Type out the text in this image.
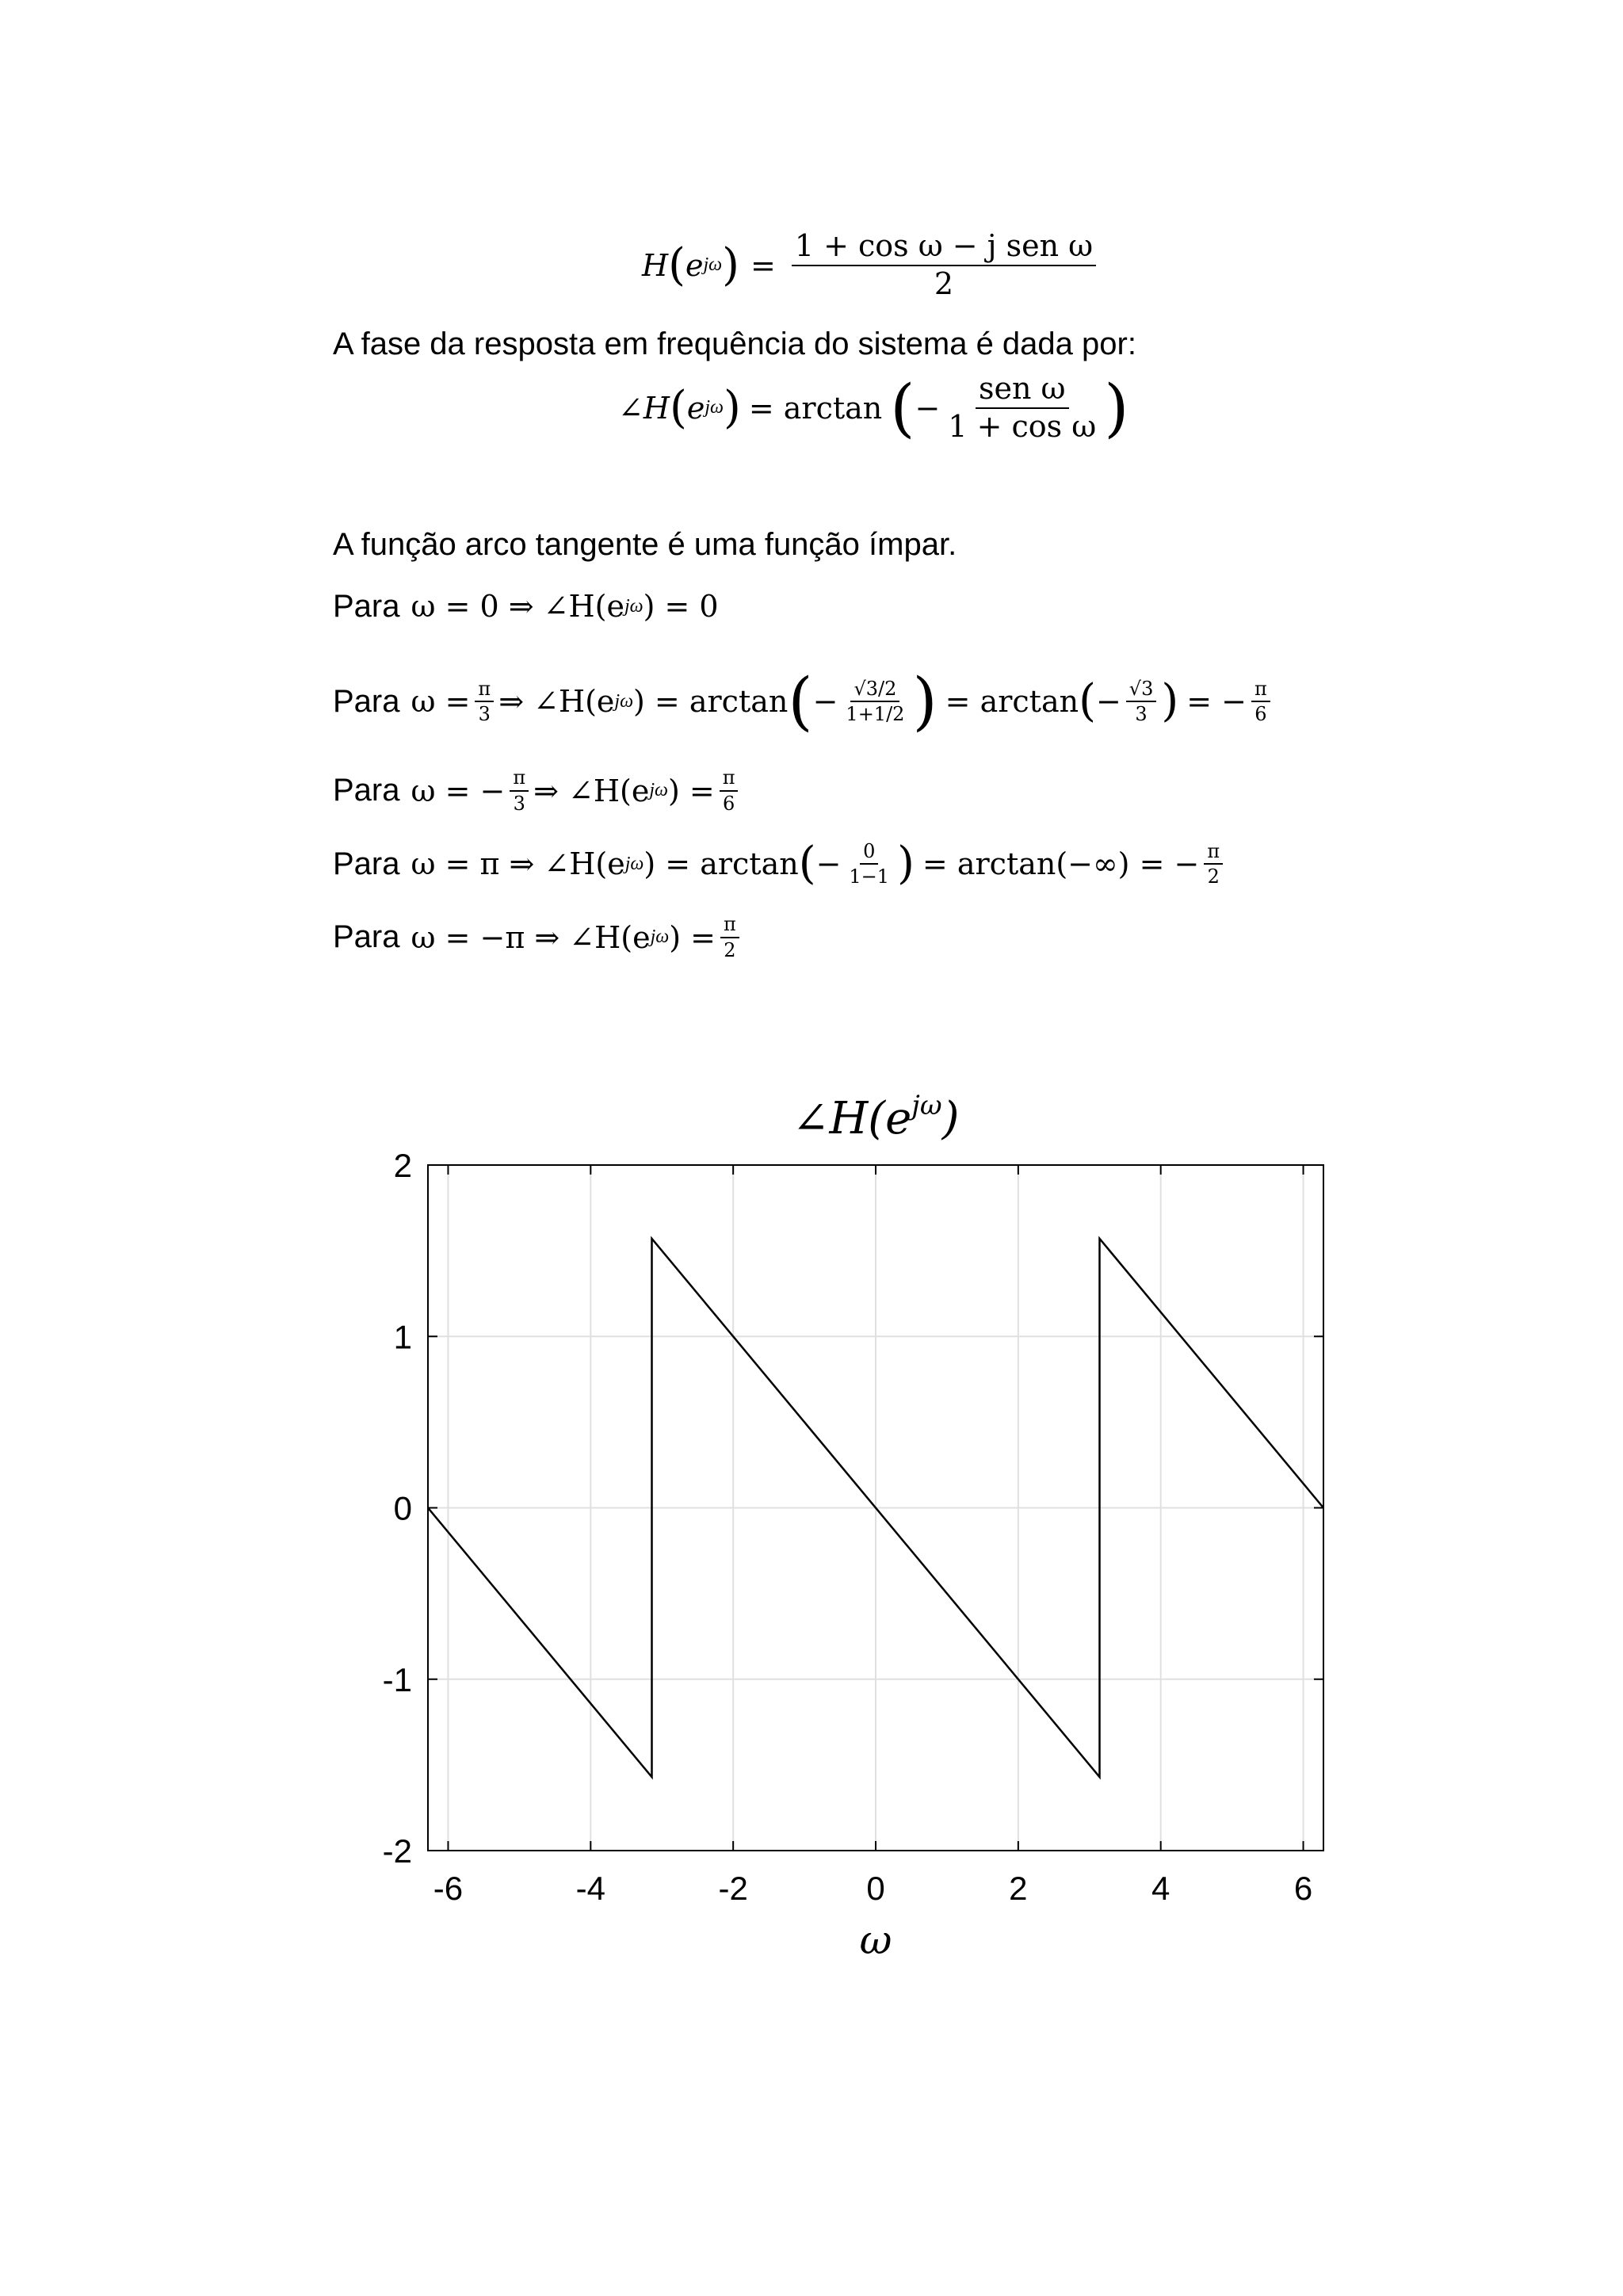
H ( e jω ) = $\frac{\text{1 + cos ω − j sen ω}}{2}$
A fase da resposta em frequência do sistema é dada por:
∠H ( e jω ) = arctan ( − $\frac{\text{sen ω}}{\text{1 + cos ω}}$ )
A função arco tangente é uma função ímpar.
Para ω = 0 ⇒ ∠H(e jω ) = 0
Para $\omega = \frac{\pi}{3}$ ⇒ ∠H(e jω ) = arctan ( − $\frac{√3/2}{1+1/2}$ ) = arctan ( − $\frac{√3}{3}$ ) = − $\frac{\pi}{6}$
Para ω = − $\frac{\pi}{3}$ ⇒ ∠H(e jω ) = $\frac{\pi}{6}$
Para ω = π ⇒ ∠H(e jω ) = arctan ( − $\frac{0}{1-1}$ ) = arctan(−∞) = − $\frac{\pi}{2}$
Para ω = −π ⇒ ∠H(e jω ) = $\frac{\pi}{2}$
$\angle H(e^{j\omega})$
-6	-4	-2	0	2	4	6
-2
-1
0
1
2
ω
